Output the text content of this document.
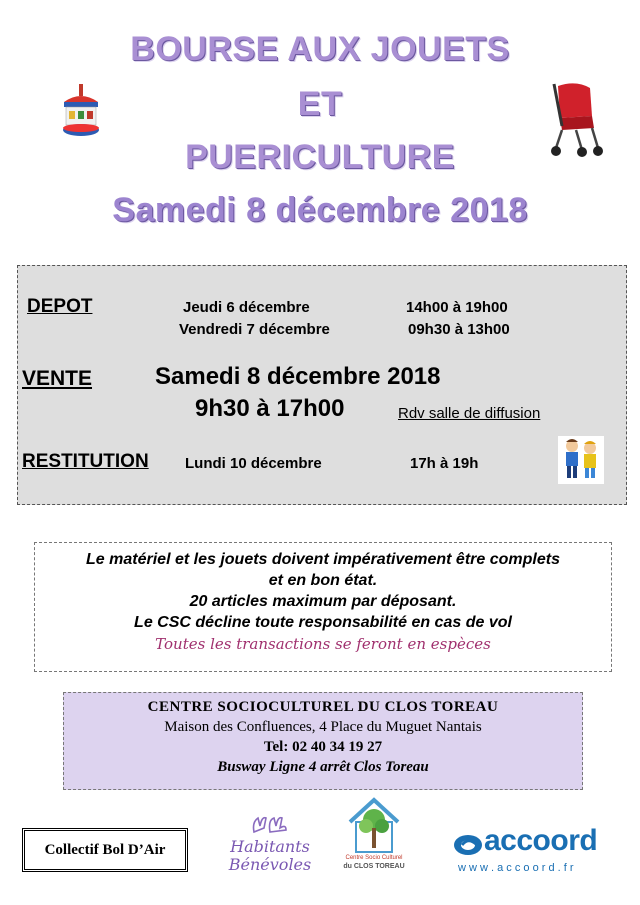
BOURSE AUX JOUETS
ET
PUERICULTURE
Samedi 8 décembre 2018
DEPOT	Jeudi 6 décembre	14h00 à 19h00
Vendredi 7 décembre	09h30 à 13h00
VENTE	Samedi 8 décembre 2018
9h30 à 17h00	Rdv salle de diffusion
RESTITUTION Lundi 10 décembre	17h à 19h
Le matériel et les jouets doivent impérativement être complets
et en bon état.
20 articles maximum par déposant.
Le CSC décline toute responsabilité en cas de vol
Toutes les transactions se feront en espèces
CENTRE SOCIOCULTUREL DU CLOS TOREAU
Maison des Confluences, 4 Place du Muguet Nantais
Tel: 02 40 34 19 27
Busway Ligne 4 arrêt Clos Toreau
Collectif Bol D’Air	Habitants
Bénévoles	Centre Socio Culturel
du CLOS TOREAU
accoord
w w w . a c c o o r d . f r
